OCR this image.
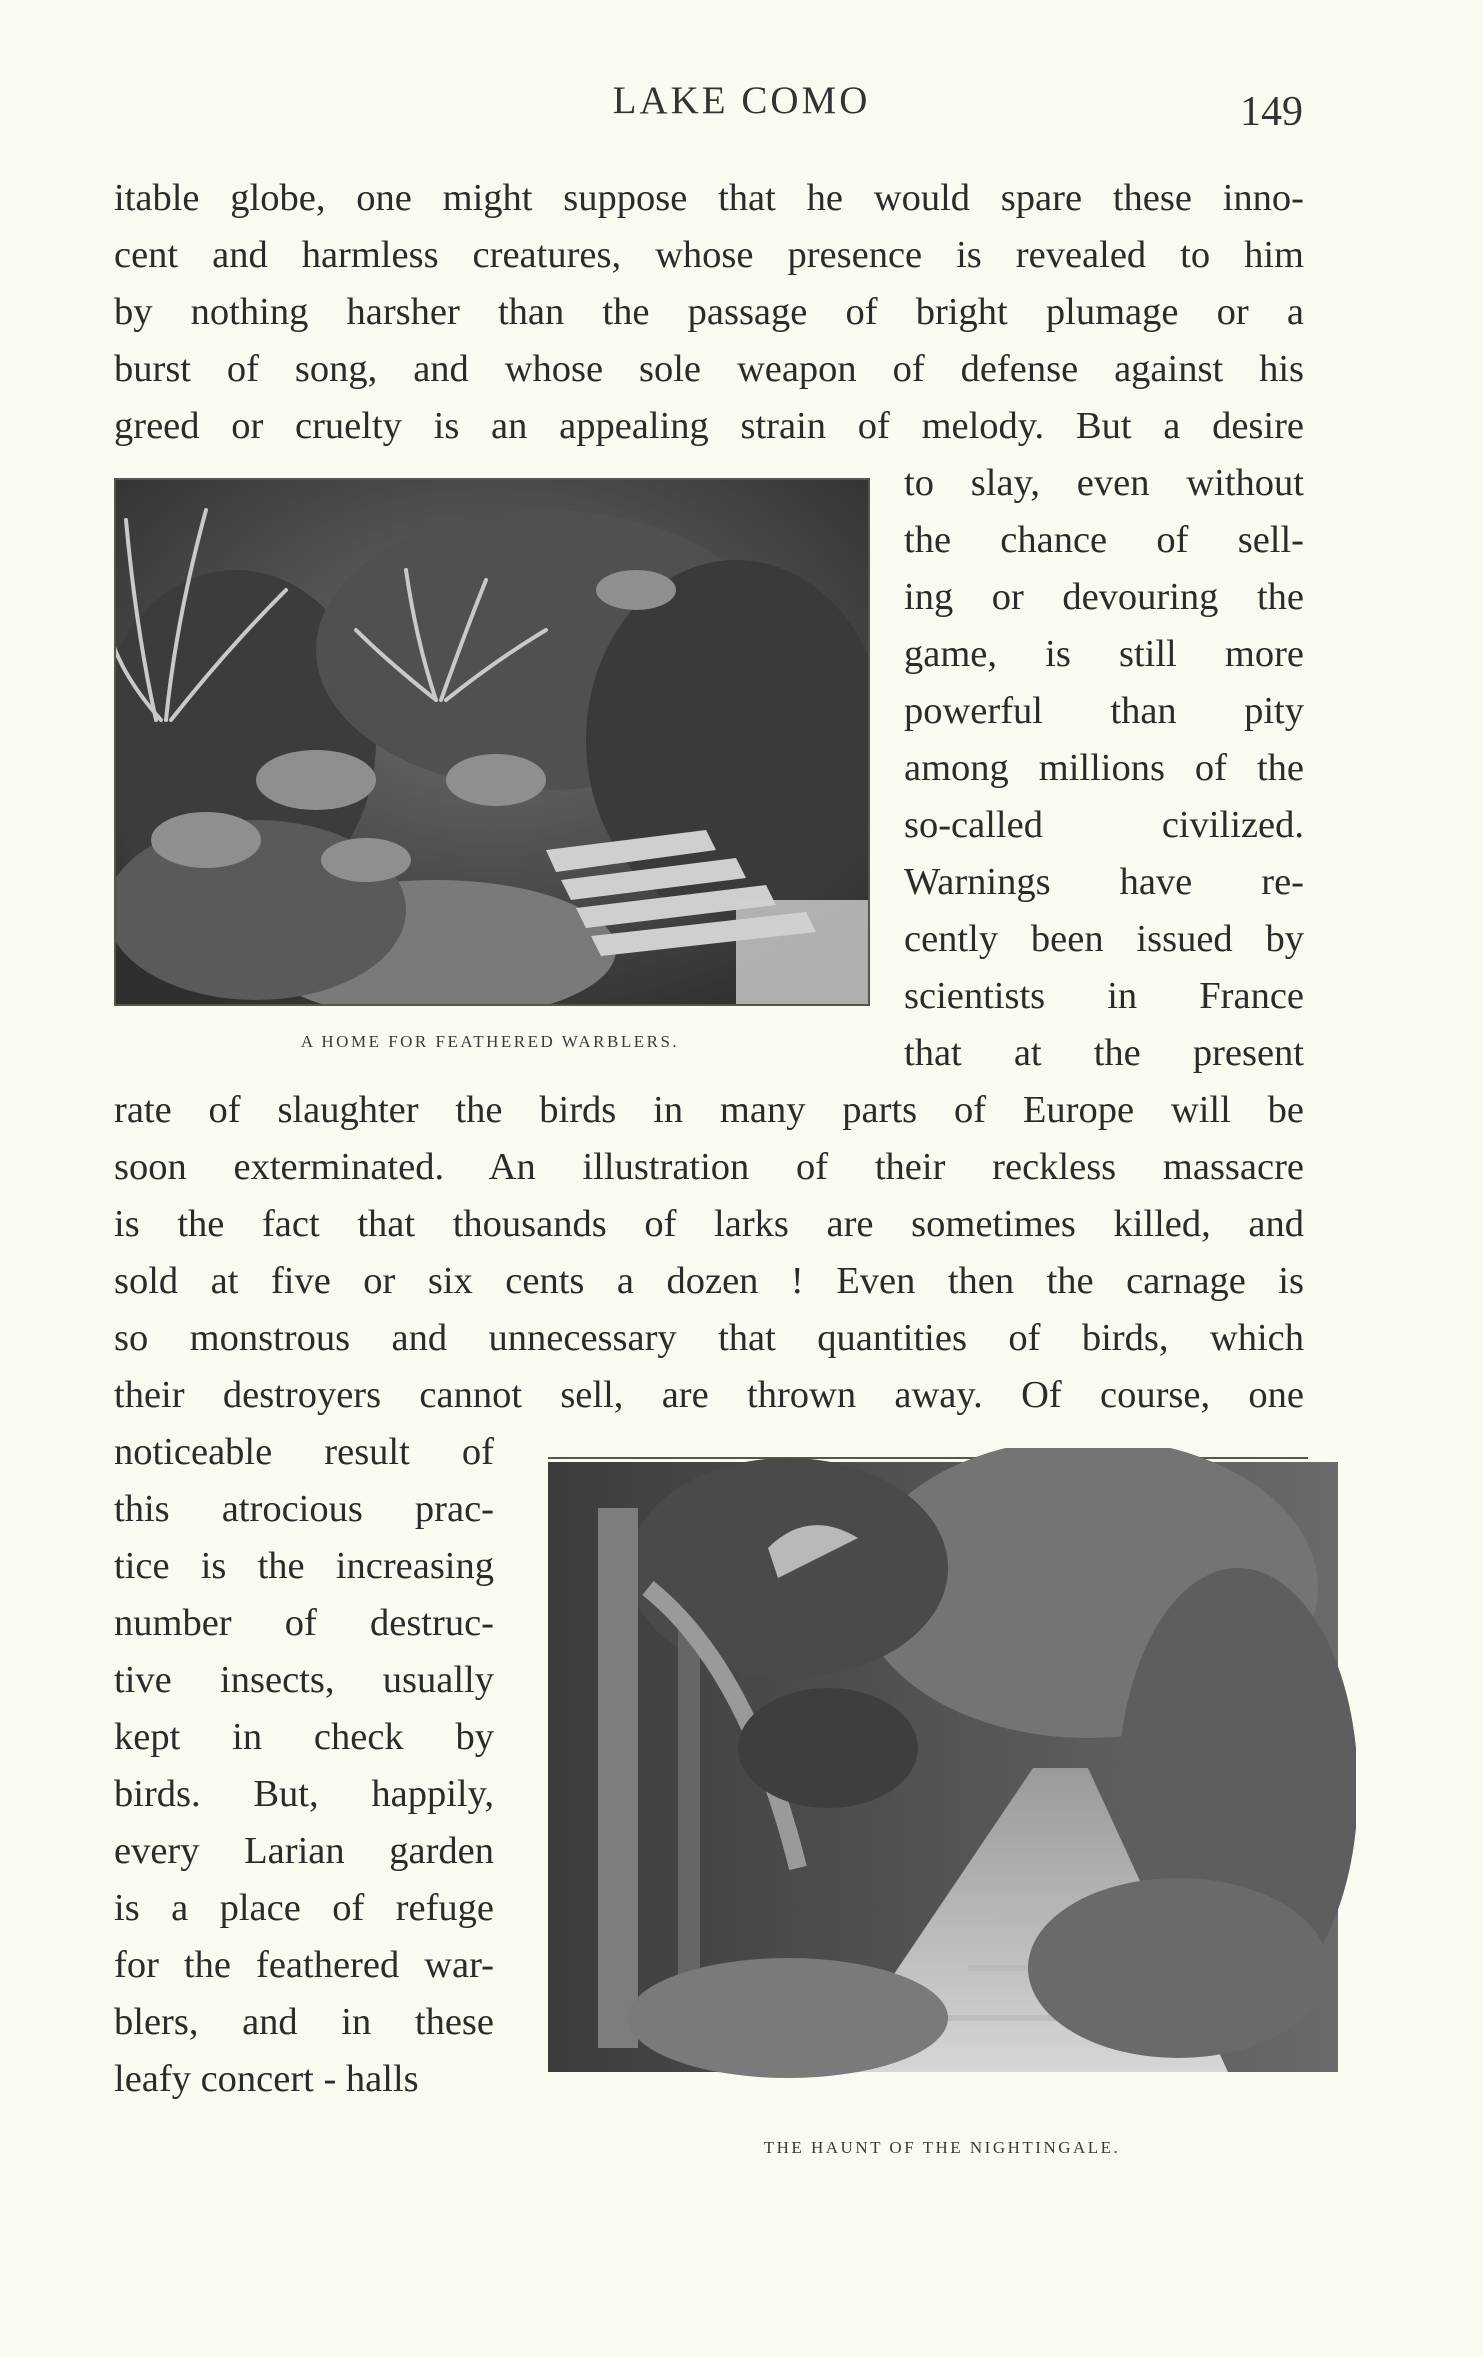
LAKE COMO	149
itable globe, one might suppose that he would spare these inno-
cent and harmless creatures, whose presence is revealed to him
by nothing harsher than the passage of bright plumage or a
burst of song, and whose sole weapon of defense against his
greed or cruelty is an appealing strain of melody. But a desire
A HOME FOR FEATHERED WARBLERS.
to slay, even without
the chance of sell-
ing or devouring the
game, is still more
powerful than pity
among millions of the
so-called civilized.
Warnings have re-
cently been issued by
scientists in France
that at the present
rate of slaughter the birds in many parts of Europe will be
soon exterminated. An illustration of their reckless massacre
is the fact that thousands of larks are sometimes killed, and
sold at five or six cents a dozen ! Even then the carnage is
so monstrous and unnecessary that quantities of birds, which
their destroyers cannot sell, are thrown away. Of course, one
noticeable result of
this atrocious prac-
tice is the increasing
number of destruc-
tive insects, usually
kept in check by
birds. But, happily,
every Larian garden
is a place of refuge
for the feathered war-
blers, and in these
leafy concert - halls
THE HAUNT OF THE NIGHTINGALE.
